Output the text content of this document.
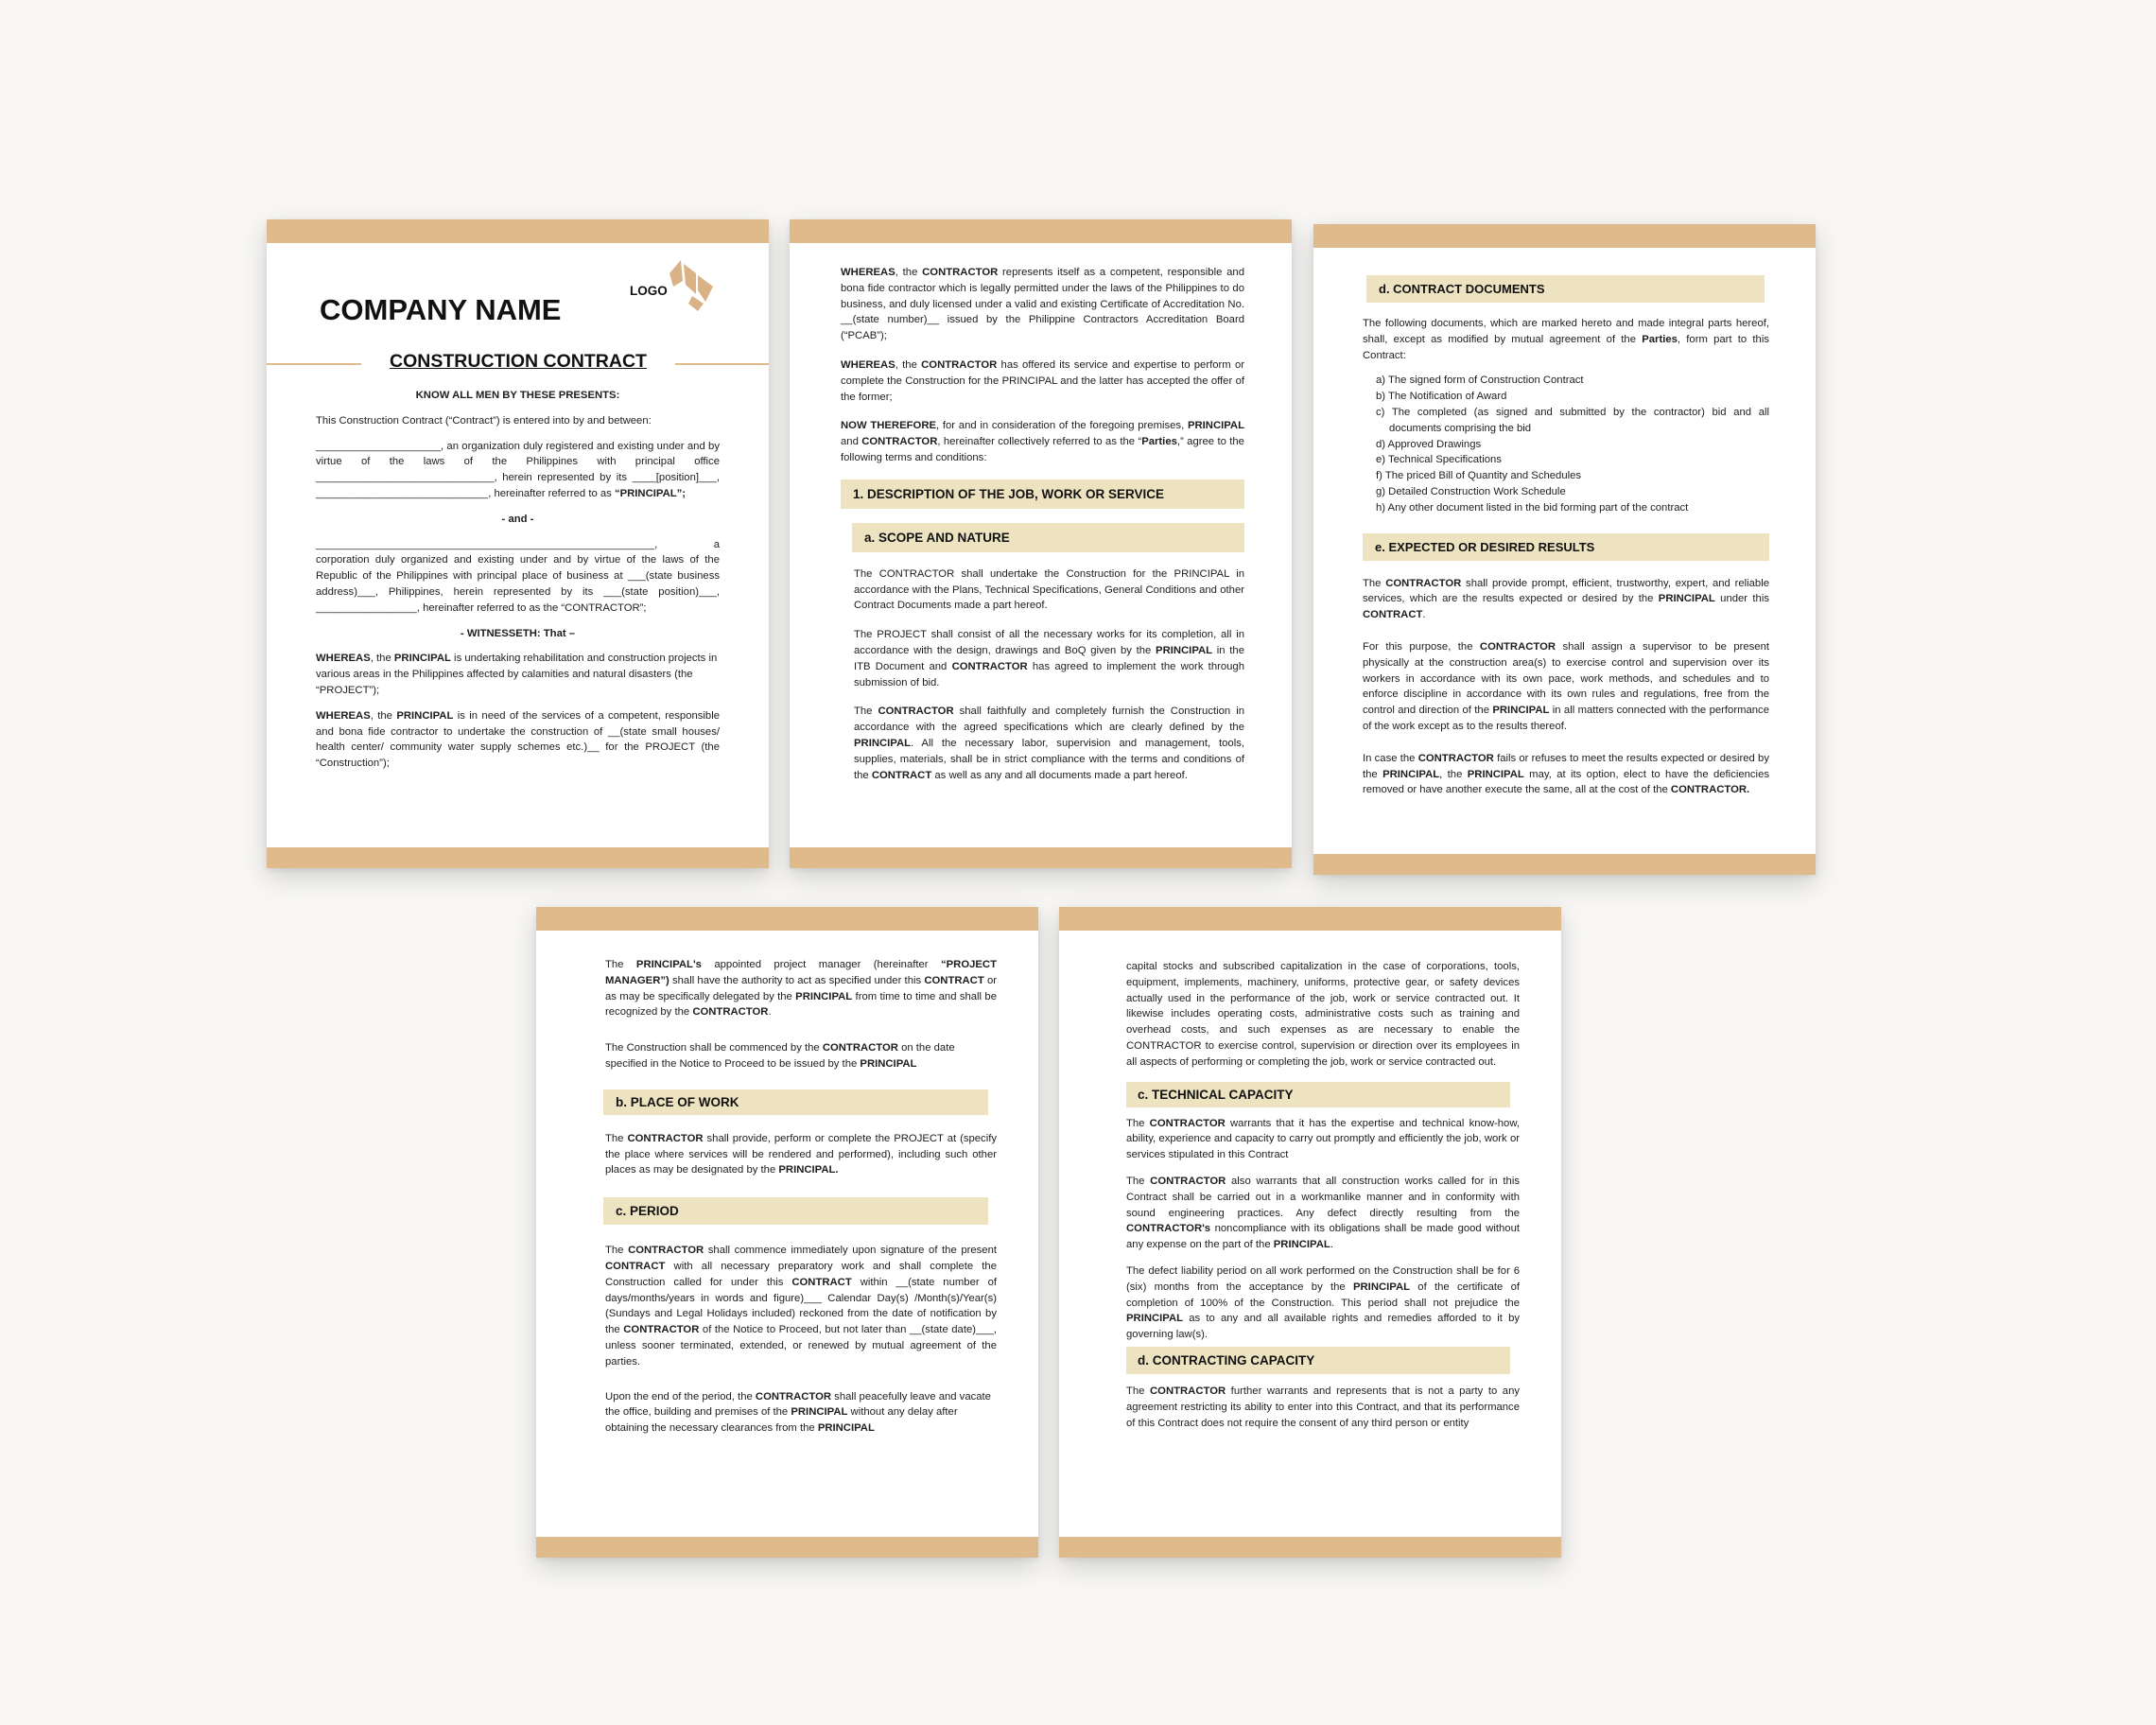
COMPANY NAME
LOGO
CONSTRUCTION CONTRACT

KNOW ALL MEN BY THESE PRESENTS:

This Construction Contract (“Contract”) is entered into by and between:

_____________________, an organization duly registered and existing under and by virtue of the laws of the Philippines with principal office ______________________________, herein represented by its ____[position]___, _____________________________, hereinafter referred to as “PRINCIPAL”;

- and -

_________________________________________________________, a corporation duly organized and existing under and by virtue of the laws of the Republic of the Philippines with principal place of business at ___(state business address)___, Philippines, herein represented by its ___(state position)___, _________________, hereinafter referred to as the “CONTRACTOR”;

- WITNESSETH: That –

WHEREAS, the PRINCIPAL is undertaking rehabilitation and construction projects in various areas in the Philippines affected by calamities and natural disasters (the “PROJECT”);

WHEREAS, the PRINCIPAL is in need of the services of a competent, responsible and bona fide contractor to undertake the construction of __(state small houses/ health center/ community water supply schemes etc.)__ for the PROJECT (the “Construction”);

WHEREAS, the CONTRACTOR represents itself as a competent, responsible and bona fide contractor which is legally permitted under the laws of the Philippines to do business, and duly licensed under a valid and existing Certificate of Accreditation No. __(state number)__ issued by the Philippine Contractors Accreditation Board (“PCAB”);

WHEREAS, the CONTRACTOR has offered its service and expertise to perform or complete the Construction for the PRINCIPAL and the latter has accepted the offer of the former;

NOW THEREFORE, for and in consideration of the foregoing premises, PRINCIPAL and CONTRACTOR, hereinafter collectively referred to as the “Parties,” agree to the following terms and conditions:

1. DESCRIPTION OF THE JOB, WORK OR SERVICE
a. SCOPE AND NATURE

The CONTRACTOR shall undertake the Construction for the PRINCIPAL in accordance with the Plans, Technical Specifications, General Conditions and other Contract Documents made a part hereof.

The PROJECT shall consist of all the necessary works for its completion, all in accordance with the design, drawings and BoQ given by the PRINCIPAL in the ITB Document and CONTRACTOR has agreed to implement the work through submission of bid.

The CONTRACTOR shall faithfully and completely furnish the Construction in accordance with the agreed specifications which are clearly defined by the PRINCIPAL. All the necessary labor, supervision and management, tools, supplies, materials, shall be in strict compliance with the terms and conditions of the CONTRACT as well as any and all documents made a part hereof.

d. CONTRACT DOCUMENTS

The following documents, which are marked hereto and made integral parts hereof, shall, except as modified by mutual agreement of the Parties, form part to this Contract:

a) The signed form of Construction Contract
b) The Notification of Award
c) The completed (as signed and submitted by the contractor) bid and all documents comprising the bid
d) Approved Drawings
e) Technical Specifications
f) The priced Bill of Quantity and Schedules
g) Detailed Construction Work Schedule
h) Any other document listed in the bid forming part of the contract
e. EXPECTED OR DESIRED RESULTS

The CONTRACTOR shall provide prompt, efficient, trustworthy, expert, and reliable services, which are the results expected or desired by the PRINCIPAL under this CONTRACT.

For this purpose, the CONTRACTOR shall assign a supervisor to be present physically at the construction area(s) to exercise control and supervision over its workers in accordance with its own pace, work methods, and schedules and to enforce discipline in accordance with its own rules and regulations, free from the control and direction of the PRINCIPAL in all matters connected with the performance of the work except as to the results thereof.

In case the CONTRACTOR fails or refuses to meet the results expected or desired by the PRINCIPAL, the PRINCIPAL may, at its option, elect to have the deficiencies removed or have another execute the same, all at the cost of the CONTRACTOR.

The PRINCIPAL's appointed project manager (hereinafter “PROJECT MANAGER”) shall have the authority to act as specified under this CONTRACT or as may be specifically delegated by the PRINCIPAL from time to time and shall be recognized by the CONTRACTOR.

The Construction shall be commenced by the CONTRACTOR on the date specified in the Notice to Proceed to be issued by the PRINCIPAL

b. PLACE OF WORK

The CONTRACTOR shall provide, perform or complete the PROJECT at (specify the place where services will be rendered and performed), including such other places as may be designated by the PRINCIPAL.

c. PERIOD

The CONTRACTOR shall commence immediately upon signature of the present CONTRACT with all necessary preparatory work and shall complete the Construction called for under this CONTRACT within __(state number of days/months/years in words and figure)___ Calendar Day(s) /Month(s)/Year(s) (Sundays and Legal Holidays included) reckoned from the date of notification by the CONTRACTOR of the Notice to Proceed, but not later than __(state date)___, unless sooner terminated, extended, or renewed by mutual agreement of the parties.

Upon the end of the period, the CONTRACTOR shall peacefully leave and vacate the office, building and premises of the PRINCIPAL without any delay after obtaining the necessary clearances from the PRINCIPAL

capital stocks and subscribed capitalization in the case of corporations, tools, equipment, implements, machinery, uniforms, protective gear, or safety devices actually used in the performance of the job, work or service contracted out. It likewise includes operating costs, administrative costs such as training and overhead costs, and such expenses as are necessary to enable the CONTRACTOR to exercise control, supervision or direction over its employees in all aspects of performing or completing the job, work or service contracted out.

c. TECHNICAL CAPACITY

The CONTRACTOR warrants that it has the expertise and technical know-how, ability, experience and capacity to carry out promptly and efficiently the job, work or services stipulated in this Contract

The CONTRACTOR also warrants that all construction works called for in this Contract shall be carried out in a workmanlike manner and in conformity with sound engineering practices. Any defect directly resulting from the CONTRACTOR's noncompliance with its obligations shall be made good without any expense on the part of the PRINCIPAL.

The defect liability period on all work performed on the Construction shall be for 6 (six) months from the acceptance by the PRINCIPAL of the certificate of completion of 100% of the Construction. This period shall not prejudice the PRINCIPAL as to any and all available rights and remedies afforded to it by governing law(s).

d. CONTRACTING CAPACITY

The CONTRACTOR further warrants and represents that is not a party to any agreement restricting its ability to enter into this Contract, and that its performance of this Contract does not require the consent of any third person or entity
